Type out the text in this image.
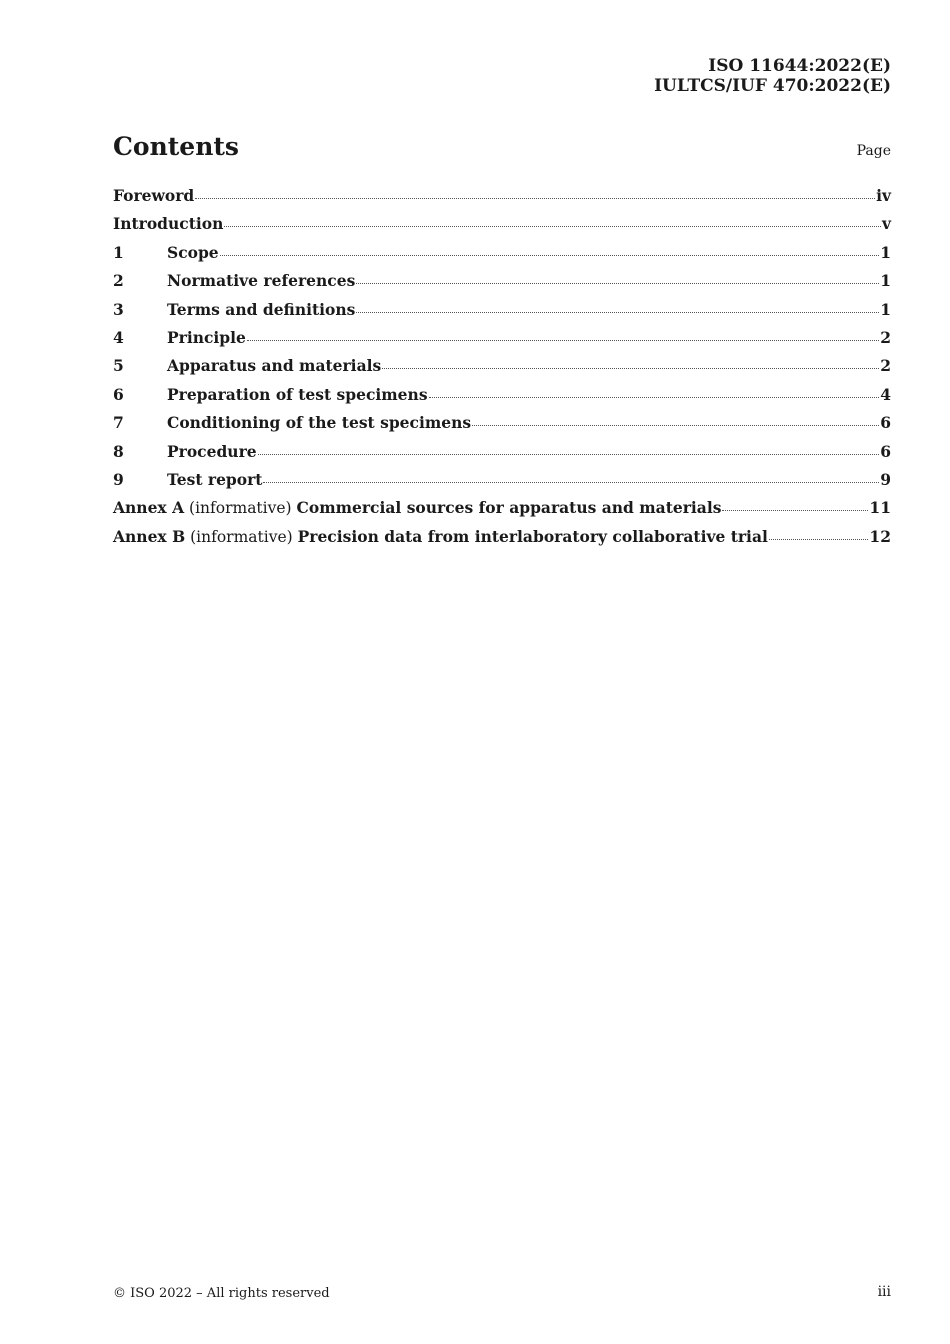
ISO 11644:2022(E)
IULTCS/IUF 470:2022(E)
Contents	Page
Foreword	iv
Introduction	v
1	Scope	1
2	Normative references	1
3	Terms and definitions	1
4	Principle	2
5	Apparatus and materials	2
6	Preparation of test specimens	4
7	Conditioning of the test specimens	6
8	Procedure	6
9	Test report	9
Annex A (informative) Commercial sources for apparatus and materials	11
Annex B (informative) Precision data from interlaboratory collaborative trial	12
© ISO 2022 – All rights reserved	iii
